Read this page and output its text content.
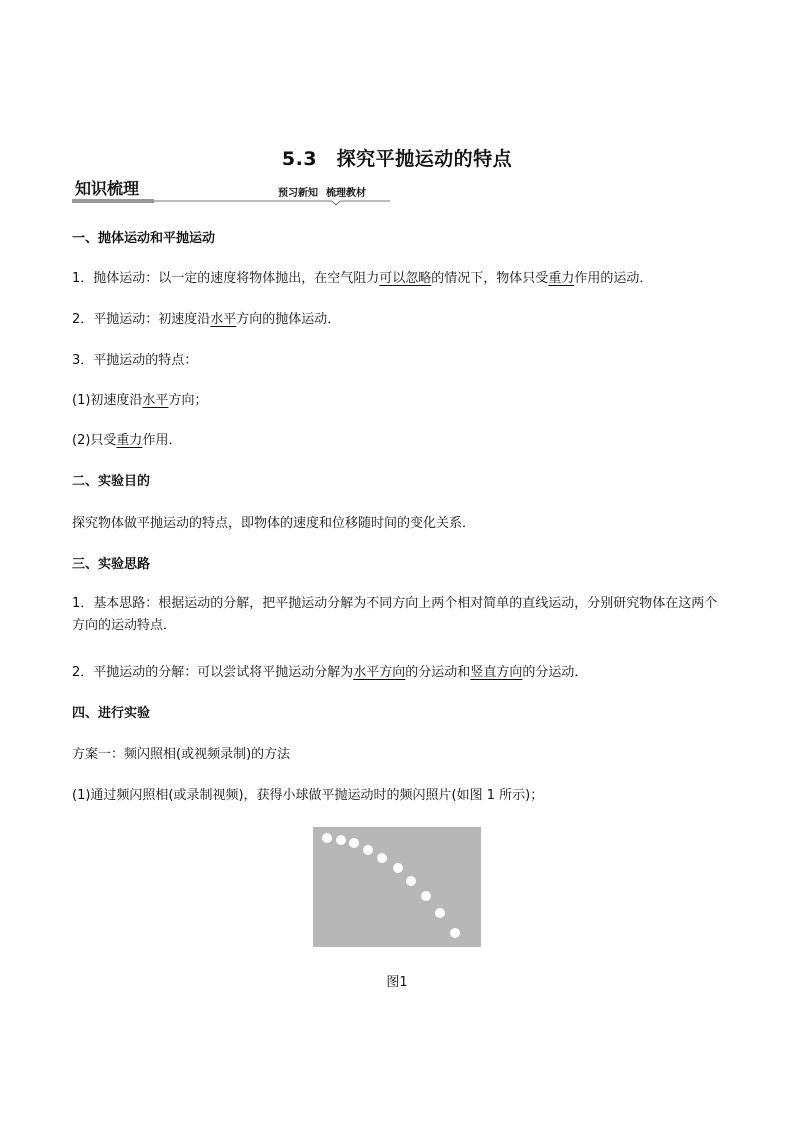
5.3　探究平抛运动的特点
知识梳理	预习新知 梳理教材
一、抛体运动和平抛运动
1．抛体运动：以一定的速度将物体抛出，在空气阻力可以忽略的情况下，物体只受重力作用的运动．
2．平抛运动：初速度沿水平方向的抛体运动．
3．平抛运动的特点：
(1)初速度沿水平方向；
(2)只受重力作用．
二、实验目的
探究物体做平抛运动的特点，即物体的速度和位移随时间的变化关系．
三、实验思路
1．基本思路：根据运动的分解，把平抛运动分解为不同方向上两个相对简单的直线运动，分别研究物体在这两个方向的运动特点．
2．平抛运动的分解：可以尝试将平抛运动分解为水平方向的分运动和竖直方向的分运动．
四、进行实验
方案一：频闪照相(或视频录制)的方法
(1)通过频闪照相(或录制视频)，获得小球做平抛运动时的频闪照片(如图 1 所示)；
图1
